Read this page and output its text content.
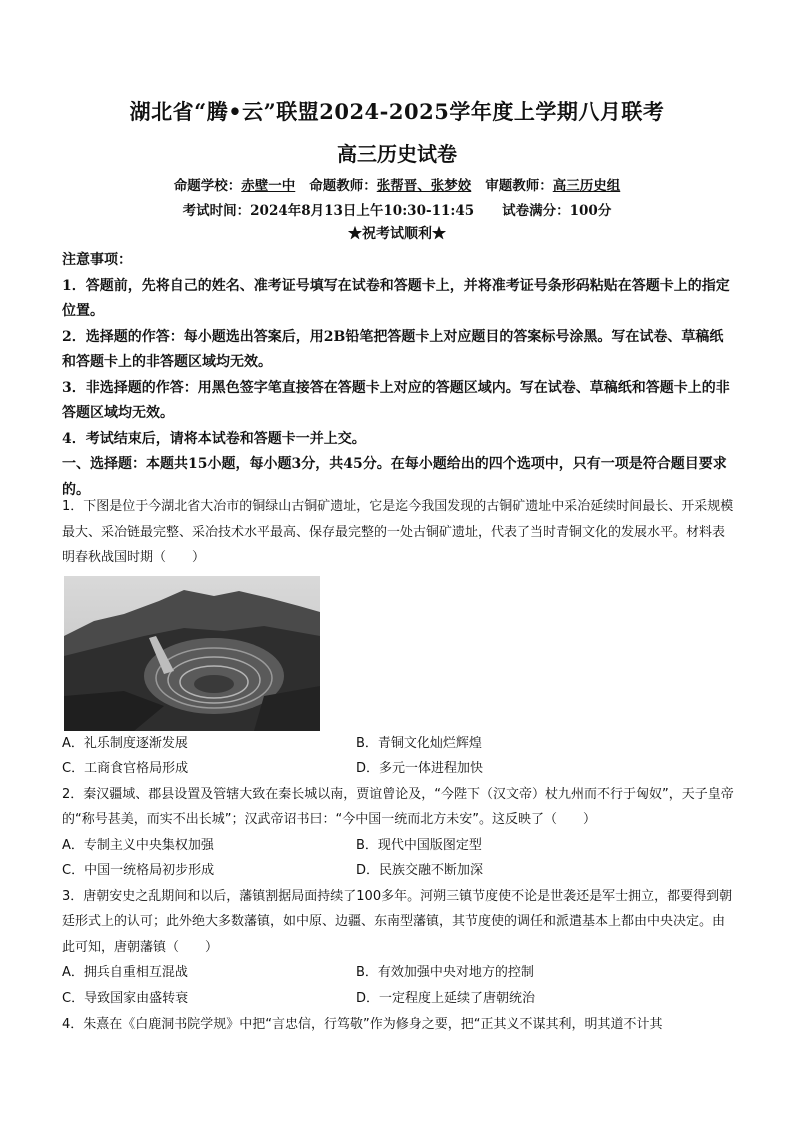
湖北省“腾•云”联盟2024-2025学年度上学期八月联考
高三历史试卷
命题学校：赤壁一中 命题教师：张帮晋、张梦姣 审题教师：高三历史组
考试时间：2024年8月13日上午10:30-11:45 试卷满分：100分
★祝考试顺利★

注意事项：

1．答题前，先将自己的姓名、准考证号填写在试卷和答题卡上，并将准考证号条形码粘贴在答题卡上的指定位置。

2．选择题的作答：每小题选出答案后，用2B铅笔把答题卡上对应题目的答案标号涂黑。写在试卷、草稿纸和答题卡上的非答题区域均无效。

3．非选择题的作答：用黑色签字笔直接答在答题卡上对应的答题区域内。写在试卷、草稿纸和答题卡上的非答题区域均无效。

4．考试结束后，请将本试卷和答题卡一并上交。

一、选择题：本题共15小题，每小题3分，共45分。在每小题给出的四个选项中，只有一项是符合题目要求的。

1．下图是位于今湖北省大冶市的铜绿山古铜矿遗址，它是迄今我国发现的古铜矿遗址中采冶延续时间最长、开采规模最大、采冶链最完整、采冶技术水平最高、保存最完整的一处古铜矿遗址，代表了当时青铜文化的发展水平。材料表明春秋战国时期（　　）

A．礼乐制度逐渐发展	B．青铜文化灿烂辉煌
C．工商食官格局形成	D．多元一体进程加快

2．秦汉疆域、郡县设置及管辖大致在秦长城以南，贾谊曾论及，“今陛下（汉文帝）杖九州而不行于匈奴”，天子皇帝的“称号甚美，而实不出长城”；汉武帝诏书曰：“今中国一统而北方未安”。这反映了（　　）

A．专制主义中央集权加强	B．现代中国版图定型
C．中国一统格局初步形成	D．民族交融不断加深

3．唐朝安史之乱期间和以后，藩镇割据局面持续了100多年。河朔三镇节度使不论是世袭还是军士拥立，都要得到朝廷形式上的认可；此外绝大多数藩镇，如中原、边疆、东南型藩镇，其节度使的调任和派遣基本上都由中央决定。由此可知，唐朝藩镇（　　）

A．拥兵自重相互混战	B．有效加强中央对地方的控制
C．导致国家由盛转衰	D．一定程度上延续了唐朝统治
4．朱熹在《白鹿洞书院学规》中把“言忠信，行笃敬”作为修身之要，把“正其义不谋其利，明其道不计其
